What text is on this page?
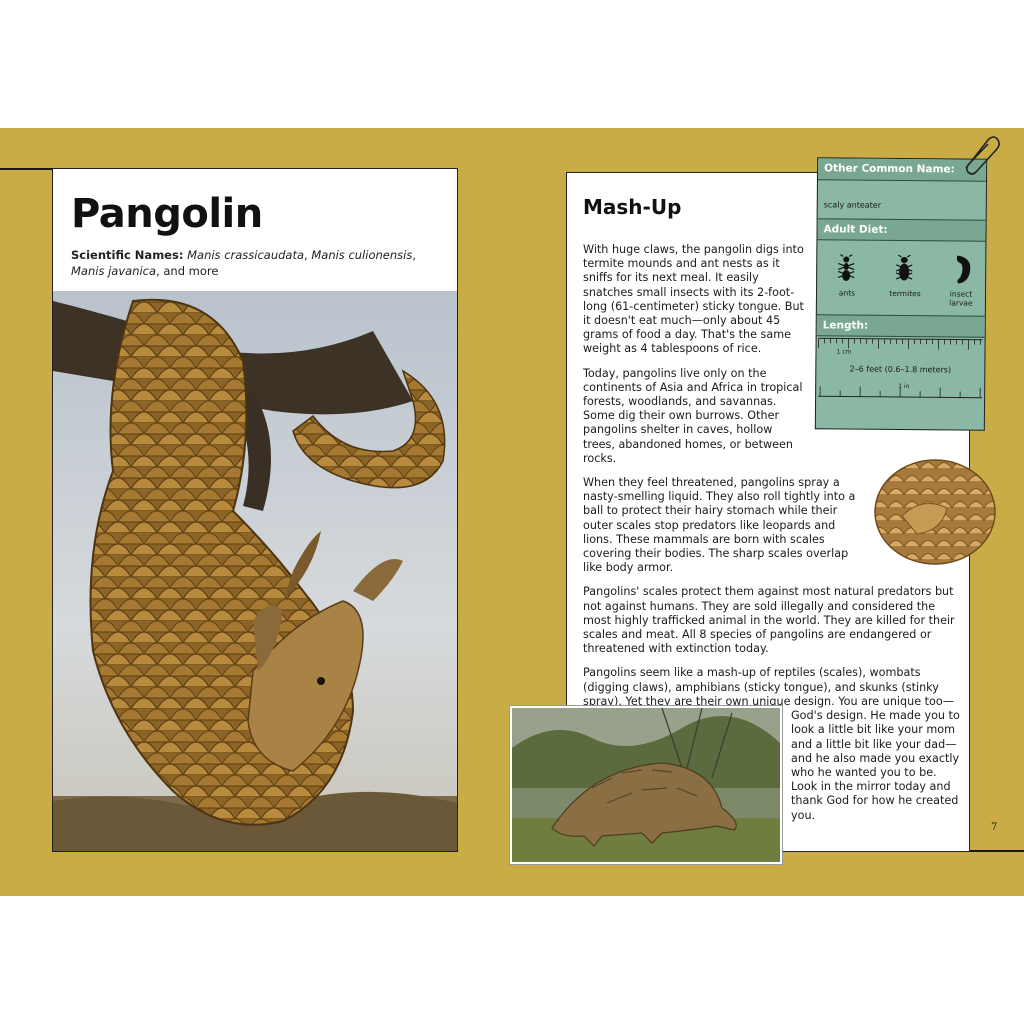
Pangolin
Scientific Names: Manis crassicaudata, Manis culionensis, Manis javanica, and more
Mash-Up

With huge claws, the pangolin digs into termite mounds and ant nests as it sniffs for its next meal. It easily snatches small insects with its 2-foot-long (61-centimeter) sticky tongue. But it doesn't eat much—only about 45 grams of food a day. That's the same weight as 4 tablespoons of rice.

Today, pangolins live only on the continents of Asia and Africa in tropical forests, woodlands, and savannas. Some dig their own burrows. Other pangolins shelter in caves, hollow trees, abandoned homes, or between rocks.

When they feel threatened, pangolins spray a nasty-smelling liquid. They also roll tightly into a ball to protect their hairy stomach while their outer scales stop predators like leopards and lions. These mammals are born with scales covering their bodies. The sharp scales overlap like body armor.

Pangolins' scales protect them against most natural predators but not against humans. They are sold illegally and considered the most highly trafficked animal in the world. They are killed for their scales and meat. All 8 species of pangolins are endangered or threatened with extinction today.

Pangolins seem like a mash-up of reptiles (scales), wombats (digging claws), amphibians (sticky tongue), and skunks (stinky spray). Yet they are their own unique design. You are unique too—

God's design. He made you to look a little bit like your mom and a little bit like your dad—and he also made you exactly who he wanted you to be. Look in the mirror today and thank God for how he created you.

7
Other Common Name:
scaly anteater
Adult Diet:
ants	termites	insect larvae
Length:
1 cm
2–6 feet (0.6–1.8 meters)
1 in
